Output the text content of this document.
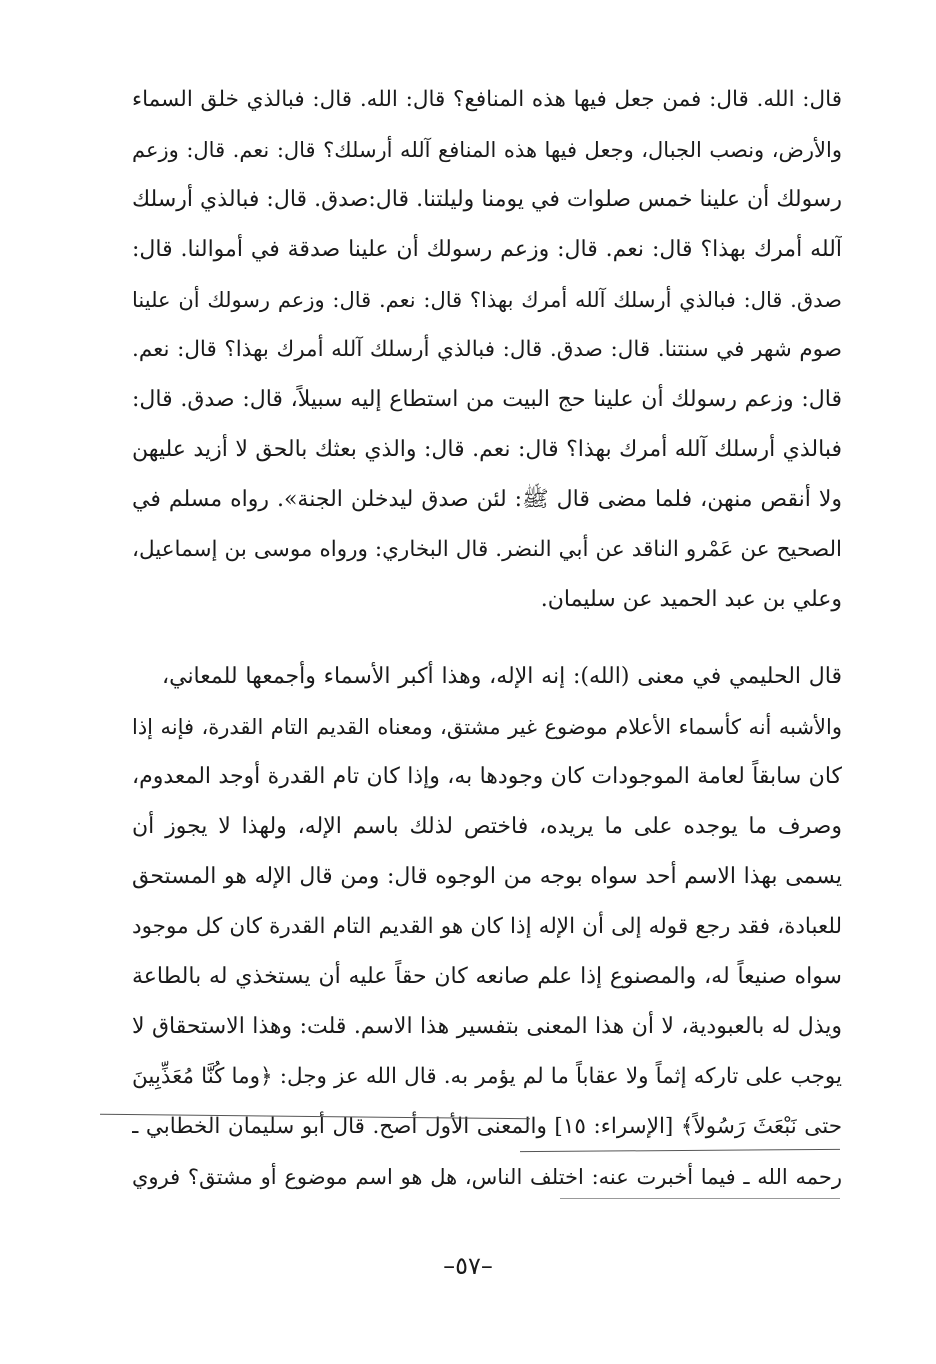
قال: الله. قال: فمن جعل فيها هذه المنافع؟ قال: الله. قال: فبالذي خلق السماء
والأرض، ونصب الجبال، وجعل فيها هذه المنافع آلله أرسلك؟ قال: نعم. قال: وزعم
رسولك أن علينا خمس صلوات في يومنا وليلتنا. قال:صدق. قال: فبالذي أرسلك
آلله أمرك بهذا؟ قال: نعم. قال: وزعم رسولك أن علينا صدقة في أموالنا. قال:
صدق. قال: فبالذي أرسلك آلله أمرك بهذا؟ قال: نعم. قال: وزعم رسولك أن علينا
صوم شهر في سنتنا. قال: صدق. قال: فبالذي أرسلك آلله أمرك بهذا؟ قال: نعم.
قال: وزعم رسولك أن علينا حج البيت من استطاع إليه سبيلاً، قال: صدق. قال:
فبالذي أرسلك آلله أمرك بهذا؟ قال: نعم. قال: والذي بعثك بالحق لا أزيد عليهن
ولا أنقص منهن، فلما مضى قال ﷺ: لئن صدق ليدخلن الجنة». رواه مسلم في
الصحيح عن عَمْرو الناقد عن أبي النضر. قال البخاري: ورواه موسى بن إسماعيل،
وعلي بن عبد الحميد عن سليمان.
قال الحليمي في معنى (الله): إنه الإله، وهذا أكبر الأسماء وأجمعها للمعاني،
والأشبه أنه كأسماء الأعلام موضوع غير مشتق، ومعناه القديم التام القدرة، فإنه إذا
كان سابقاً لعامة الموجودات كان وجودها به، وإذا كان تام القدرة أوجد المعدوم،
وصرف ما يوجده على ما يريده، فاختص لذلك باسم الإله، ولهذا لا يجوز أن
يسمى بهذا الاسم أحد سواه بوجه من الوجوه قال: ومن قال الإله هو المستحق
للعبادة، فقد رجع قوله إلى أن الإله إذا كان هو القديم التام القدرة كان كل موجود
سواه صنيعاً له، والمصنوع إذا علم صانعه كان حقاً عليه أن يستخذي له بالطاعة
ويذل له بالعبودية، لا أن هذا المعنى بتفسير هذا الاسم. قلت: وهذا الاستحقاق لا
يوجب على تاركه إثماً ولا عقاباً ما لم يؤمر به. قال الله عز وجل: ﴿وما كُنَّا مُعَذِّبِينَ
حتى نَبْعَثَ رَسُولاً﴾ [الإسراء: ١٥] والمعنى الأول أصح. قال أبو سليمان الخطابي ـ
رحمه الله ـ فيما أخبرت عنه: اختلف الناس، هل هو اسم موضوع أو مشتق؟ فروي
–٥٧–
